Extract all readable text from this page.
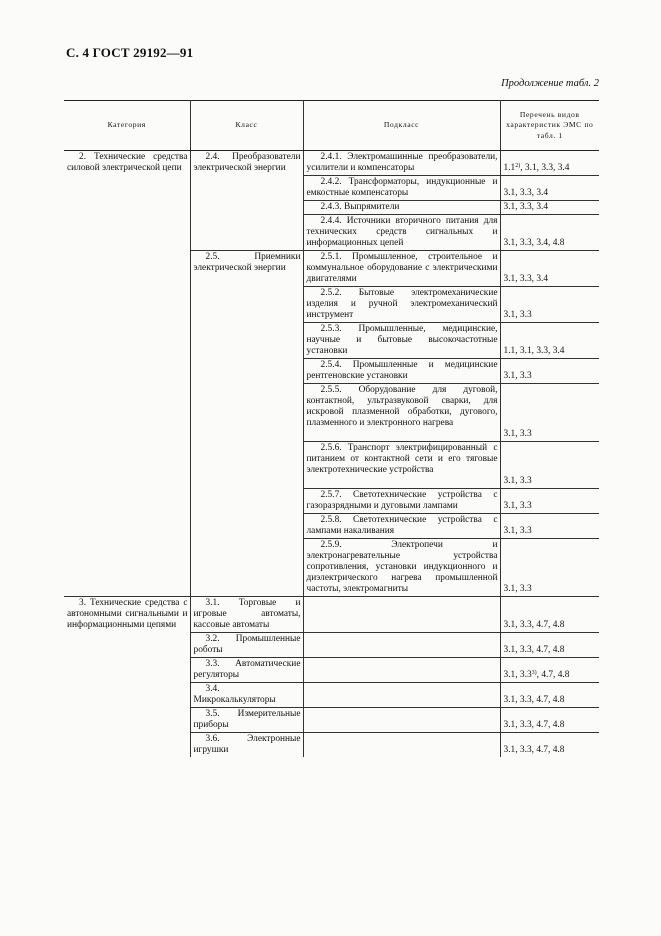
С. 4 ГОСТ 29192—91
Продолжение табл. 2
Категория	Класс	Подкласс	Перечень видов характеристик ЭМС по табл. 1
2. Технические средства силовой электрической цепи	2.4. Преобразователи электрической энергии	2.4.1. Электромашинные преобразователи, усилители и компенсаторы	1.1$^{2)}$, 3.1, 3.3, 3.4
		2.4.2. Трансформаторы, индукционные и емкостные компенсаторы	3.1, 3.3, 3.4
		2.4.3. Выпрямители	3.1, 3.3, 3.4
		2.4.4. Источники вторичного питания для технических средств сигнальных и информационных цепей	3.1, 3.3, 3.4, 4.8
	2.5. Приемники электрической энергии	2.5.1. Промышленное, строительное и коммунальное оборудование с электрическими двигателями	3.1, 3.3, 3.4
		2.5.2. Бытовые электромеханические изделия и ручной электромеханический инструмент	3.1, 3.3
		2.5.3. Промышленные, медицинские, научные и бытовые высокочастотные установки	1.1, 3.1, 3.3, 3.4
		2.5.4. Промышленные и медицинские рентгеновские установки	3.1, 3.3
		2.5.5. Оборудование для дуговой, контактной, ультразвуковой сварки, для искровой плазменной обработки, дугового, плазменного и электронного нагрева	3.1, 3.3
		2.5.6. Транспорт электрифицированный с питанием от контактной сети и его тяговые электротехнические устройства	3.1, 3.3
		2.5.7. Светотехнические устройства с газоразрядными и дуговыми лампами	3.1, 3.3
		2.5.8. Светотехнические устройства с лампами накаливания	3.1, 3.3
		2.5.9. Электропечи и электронагревательные устройства сопротивления, установки индукционного и диэлектрического нагрева промышленной частоты, электромагниты	3.1, 3.3
3. Технические средства с автономными сигнальными и информационными цепями	3.1. Торговые и игровые автоматы, кассовые автоматы		3.1, 3.3, 4.7, 4.8
	3.2. Промышленные роботы		3.1, 3.3, 4.7, 4.8
	3.3. Автоматические регуляторы		3.1, 3.3$^{3)}$, 4.7, 4.8
	3.4. Микрокалькуляторы		3.1, 3.3, 4.7, 4.8
	3.5. Измерительные приборы		3.1, 3.3, 4.7, 4.8
	3.6. Электронные игрушки		3.1, 3.3, 4.7, 4.8
